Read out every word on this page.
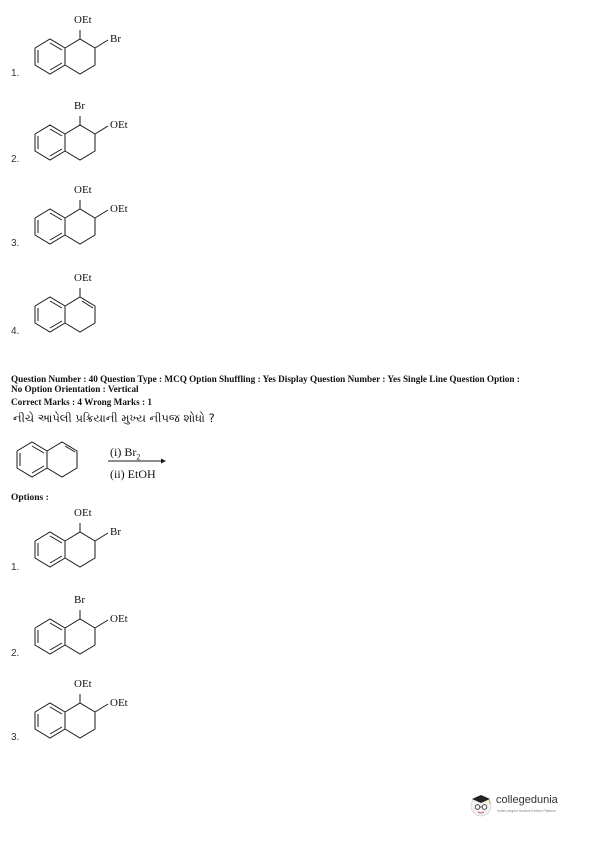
1.
OEt
Br
2.
Br
OEt
3.
OEt
OEt
4.
OEt
Question Number : 40 Question Type : MCQ Option Shuffling : Yes Display Question Number : Yes Single Line Question Option :
No Option Orientation : Vertical
Correct Marks : 4 Wrong Marks : 1
નીચે આપેલી પ્રક્રિયાની મુખ્ય નીપજ શોધો ?
(i) $Br_2$
(ii) EtOH
Options :
1.
OEt
Br
2.
Br
OEt
3.
OEt
OEt
collegedunia
India's largest Student Review Platform
